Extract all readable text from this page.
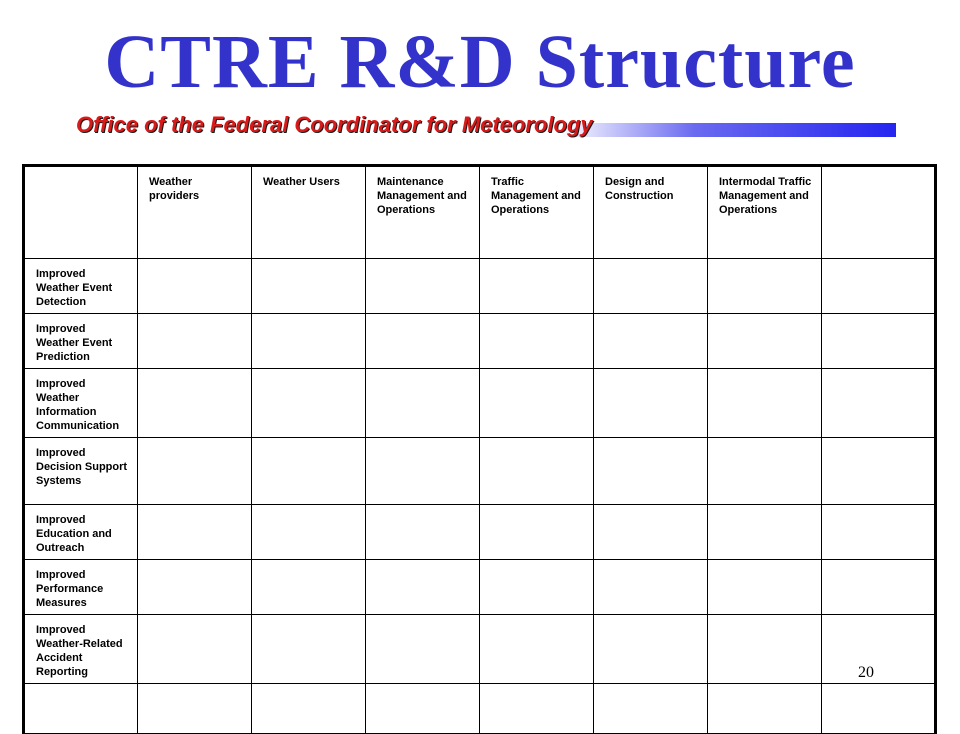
CTRE R&D Structure
Office of the Federal Coordinator for Meteorology
	Weather providers	Weather Users	Maintenance Management and Operations	Traffic Management and Operations	Design and Construction	Intermodal Traffic Management and Operations	
Improved Weather Event Detection							
Improved Weather Event Prediction							
Improved Weather Information Communication							
Improved Decision Support Systems							
Improved Education and Outreach							
Improved Performance Measures							
Improved Weather-Related Accident Reporting							
								20
